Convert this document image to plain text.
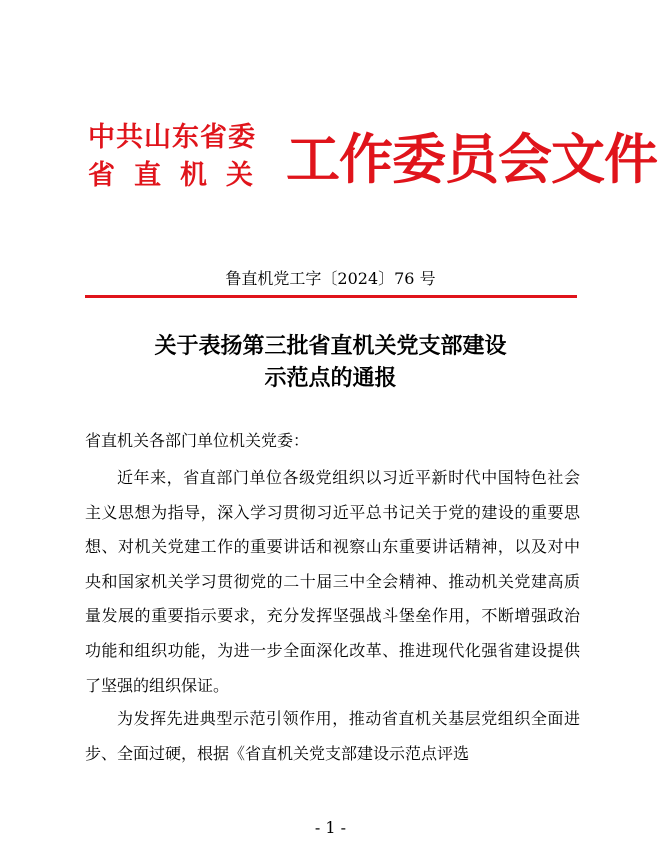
中共山东省委
省直机关 工作委员会文件
鲁直机党工字〔2024〕76 号
关于表扬第三批省直机关党支部建设
示范点的通报
省直机关各部门单位机关党委：
近年来，省直部门单位各级党组织以习近平新时代中国特色社会主义思想为指导，深入学习贯彻习近平总书记关于党的建设的重要思想、对机关党建工作的重要讲话和视察山东重要讲话精神，以及对中央和国家机关学习贯彻党的二十届三中全会精神、推动机关党建高质量发展的重要指示要求，充分发挥坚强战斗堡垒作用，不断增强政治功能和组织功能，为进一步全面深化改革、推进现代化强省建设提供了坚强的组织保证。
为发挥先进典型示范引领作用，推动省直机关基层党组织全面进步、全面过硬，根据《省直机关党支部建设示范点评选
- 1 -
